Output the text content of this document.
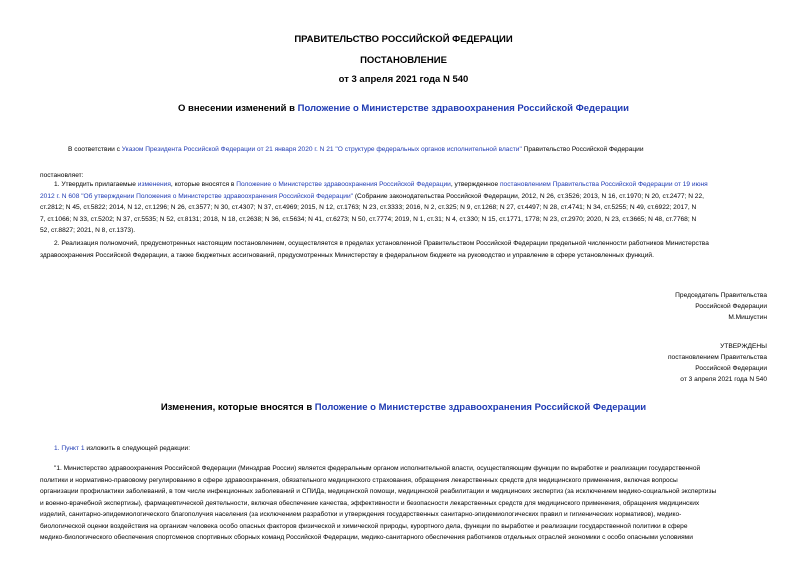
ПРАВИТЕЛЬСТВО РОССИЙСКОЙ ФЕДЕРАЦИИ
ПОСТАНОВЛЕНИЕ
от 3 апреля 2021 года N 540
О внесении изменений в Положение о Министерстве здравоохранения Российской Федерации
В соответствии с Указом Президента Российской Федерации от 21 января 2020 г. N 21 "О структуре федеральных органов исполнительной власти" Правительство Российской Федерации
постановляет:
1. Утвердить прилагаемые изменения, которые вносятся в Положение о Министерстве здравоохранения Российской Федерации, утвержденное постановлением Правительства Российской Федерации от 19 июня
2012 г. N 608 "Об утверждении Положения о Министерстве здравоохранения Российской Федерации" (Собрание законодательства Российской Федерации, 2012, N 26, ст.3526; 2013, N 16, ст.1970; N 20, ст.2477; N 22,
ст.2812; N 45, ст.5822; 2014, N 12, ст.1296; N 26, ст.3577; N 30, ст.4307; N 37, ст.4969; 2015, N 12, ст.1763; N 23, ст.3333; 2016, N 2, ст.325; N 9, ст.1268; N 27, ст.4497; N 28, ст.4741; N 34, ст.5255; N 49, ст.6922; 2017, N
7, ст.1066; N 33, ст.5202; N 37, ст.5535; N 52, ст.8131; 2018, N 18, ст.2638; N 36, ст.5634; N 41, ст.6273; N 50, ст.7774; 2019, N 1, ст.31; N 4, ст.330; N 15, ст.1771, 1778; N 23, ст.2970; 2020, N 23, ст.3665; N 48, ст.7768; N
52, ст.8827; 2021, N 8, ст.1373).
2. Реализация полномочий, предусмотренных настоящим постановлением, осуществляется в пределах установленной Правительством Российской Федерации предельной численности работников Министерства
здравоохранения Российской Федерации, а также бюджетных ассигнований, предусмотренных Министерству в федеральном бюджете на руководство и управление в сфере установленных функций.
Председатель Правительства
Российской Федерации
М.Мишустин
УТВЕРЖДЕНЫ
постановлением Правительства
Российской Федерации
от 3 апреля 2021 года N 540
Изменения, которые вносятся в Положение о Министерстве здравоохранения Российской Федерации
1. Пункт 1 изложить в следующей редакции:
"1. Министерство здравоохранения Российской Федерации (Минздрав России) является федеральным органом исполнительной власти, осуществляющим функции по выработке и реализации государственной
политики и нормативно-правовому регулированию в сфере здравоохранения, обязательного медицинского страхования, обращения лекарственных средств для медицинского применения, включая вопросы
организации профилактики заболеваний, в том числе инфекционных заболеваний и СПИДа, медицинской помощи, медицинской реабилитации и медицинских экспертиз (за исключением медико-социальной экспертизы
и военно-врачебной экспертизы), фармацевтической деятельности, включая обеспечение качества, эффективности и безопасности лекарственных средств для медицинского применения, обращения медицинских
изделий, санитарно-эпидемиологического благополучия населения (за исключением разработки и утверждения государственных санитарно-эпидемиологических правил и гигиенических нормативов), медико-
биологической оценки воздействия на организм человека особо опасных факторов физической и химической природы, курортного дела, функции по выработке и реализации государственной политики в сфере
медико-биологического обеспечения спортсменов спортивных сборных команд Российской Федерации, медико-санитарного обеспечения работников отдельных отраслей экономики с особо опасными условиями
